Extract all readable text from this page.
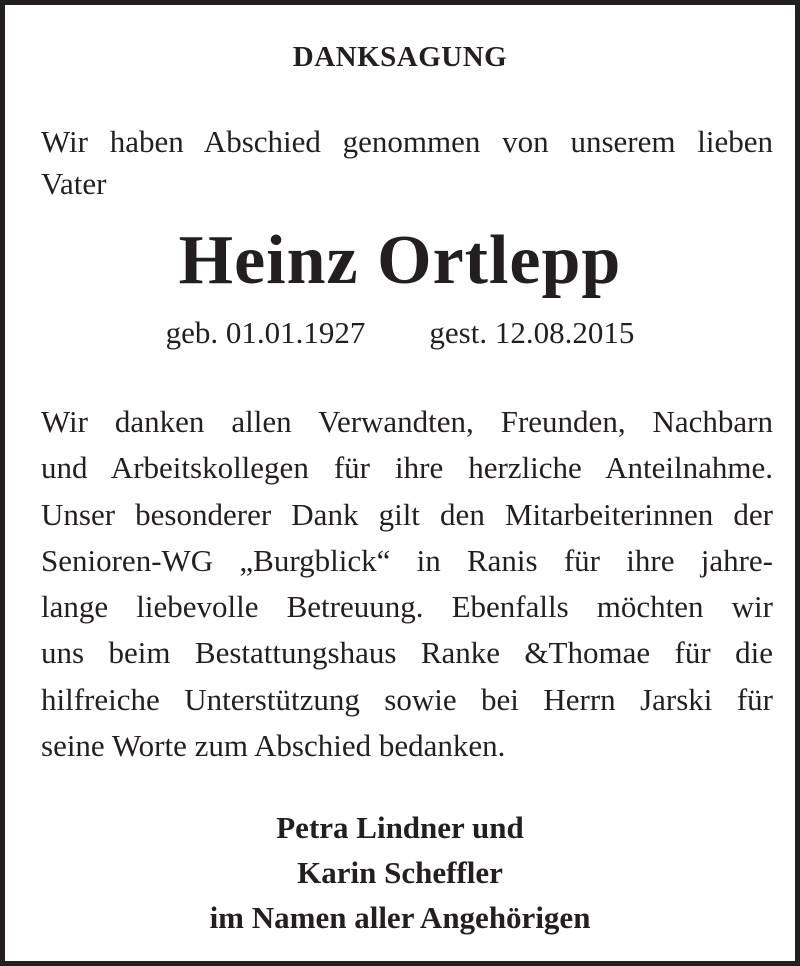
DANKSAGUNG
Wir haben Abschied genommen von unserem lieben
Vater
Heinz Ortlepp
geb. 01.01.1927 gest. 12.08.2015
Wir danken allen Verwandten, Freunden, Nachbarn
und Arbeitskollegen für ihre herzliche Anteilnahme.
Unser besonderer Dank gilt den Mitarbeiterinnen der
Senioren-WG „Burgblick“ in Ranis für ihre jahre-
lange liebevolle Betreuung. Ebenfalls möchten wir
uns beim Bestattungshaus Ranke &Thomae für die
hilfreiche Unterstützung sowie bei Herrn Jarski für
seine Worte zum Abschied bedanken.
Petra Lindner und
Karin Scheffler
im Namen aller Angehörigen
